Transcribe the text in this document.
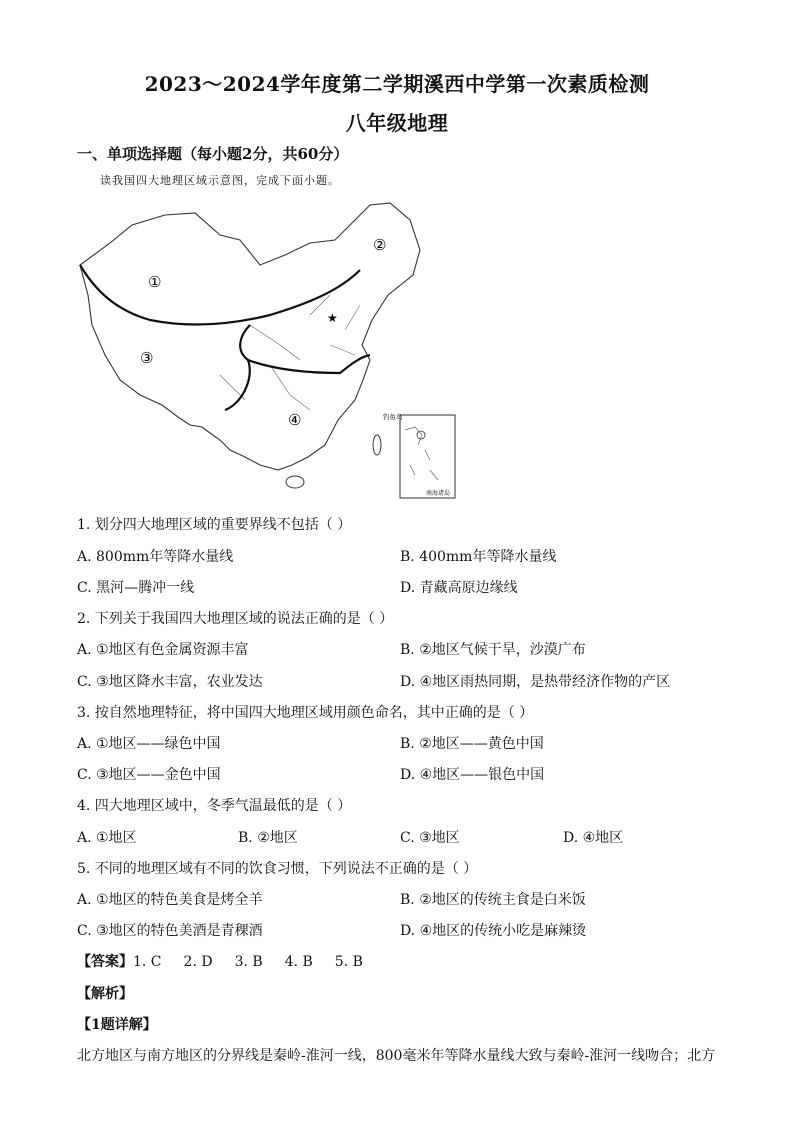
2023～2024学年度第二学期溪西中学第一次素质检测
八年级地理
一、单项选择题（每小题2分，共60分）
读我国四大地理区域示意图，完成下面小题。
★
①
②
③
④	钓鱼岛
南海诸岛
1. 划分四大地理区域的重要界线不包括（ ）
A. 800mm年等降水量线	B. 400mm年等降水量线
C. 黑河—腾冲一线	D. 青藏高原边缘线
2. 下列关于我国四大地理区域的说法正确的是（ ）
A. ①地区有色金属资源丰富	B. ②地区气候干旱，沙漠广布
C. ③地区降水丰富，农业发达	D. ④地区雨热同期，是热带经济作物的产区
3. 按自然地理特征，将中国四大地理区域用颜色命名，其中正确的是（ ）
A. ①地区——绿色中国	B. ②地区——黄色中国
C. ③地区——金色中国	D. ④地区——银色中国
4. 四大地理区域中，冬季气温最低的是（ ）
A. ①地区	B. ②地区	C. ③地区	D. ④地区
5. 不同的地理区域有不同的饮食习惯，下列说法不正确的是（ ）
A. ①地区的特色美食是烤全羊	B. ②地区的传统主食是白米饭
C. ③地区的特色美酒是青稞酒	D. ④地区的传统小吃是麻辣烫
【答案】1. C 2. D 3. B 4. B 5. B
【解析】
【1题详解】
北方地区与南方地区的分界线是秦岭-淮河一线，800毫米年等降水量线大致与秦岭-淮河一线吻合；北方
